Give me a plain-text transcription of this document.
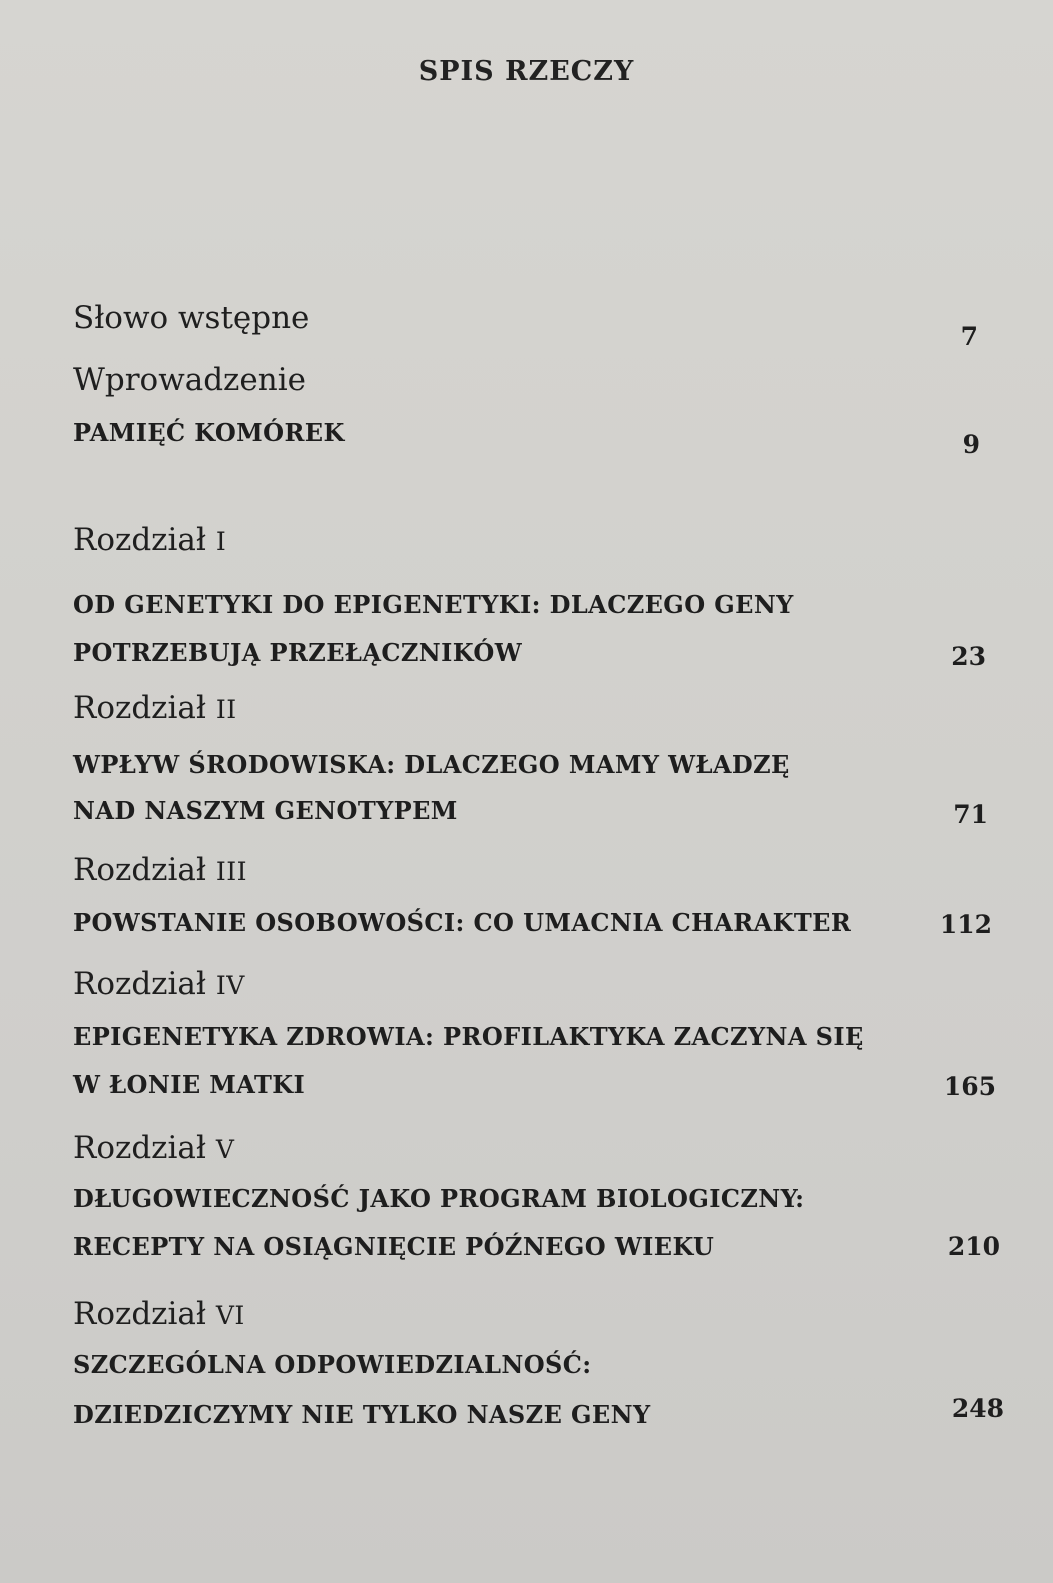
SPIS RZECZY
Słowo wstępne
7
Wprowadzenie
PAMIĘĆ KOMÓREK	9
Rozdział I
OD GENETYKI DO EPIGENETYKI: DLACZEGO GENY
POTRZEBUJĄ PRZEŁĄCZNIKÓW	23
Rozdział II
WPŁYW ŚRODOWISKA: DLACZEGO MAMY WŁADZĘ
NAD NASZYM GENOTYPEM	71
Rozdział III
POWSTANIE OSOBOWOŚCI: CO UMACNIA CHARAKTER	112
Rozdział IV
EPIGENETYKA ZDROWIA: PROFILAKTYKA ZACZYNA SIĘ
W ŁONIE MATKI	165
Rozdział V
DŁUGOWIECZNOŚĆ JAKO PROGRAM BIOLOGICZNY:
RECEPTY NA OSIĄGNIĘCIE PÓŹNEGO WIEKU	210
Rozdział VI
SZCZEGÓLNA ODPOWIEDZIALNOŚĆ:
DZIEDZICZYMY NIE TYLKO NASZE GENY	248
